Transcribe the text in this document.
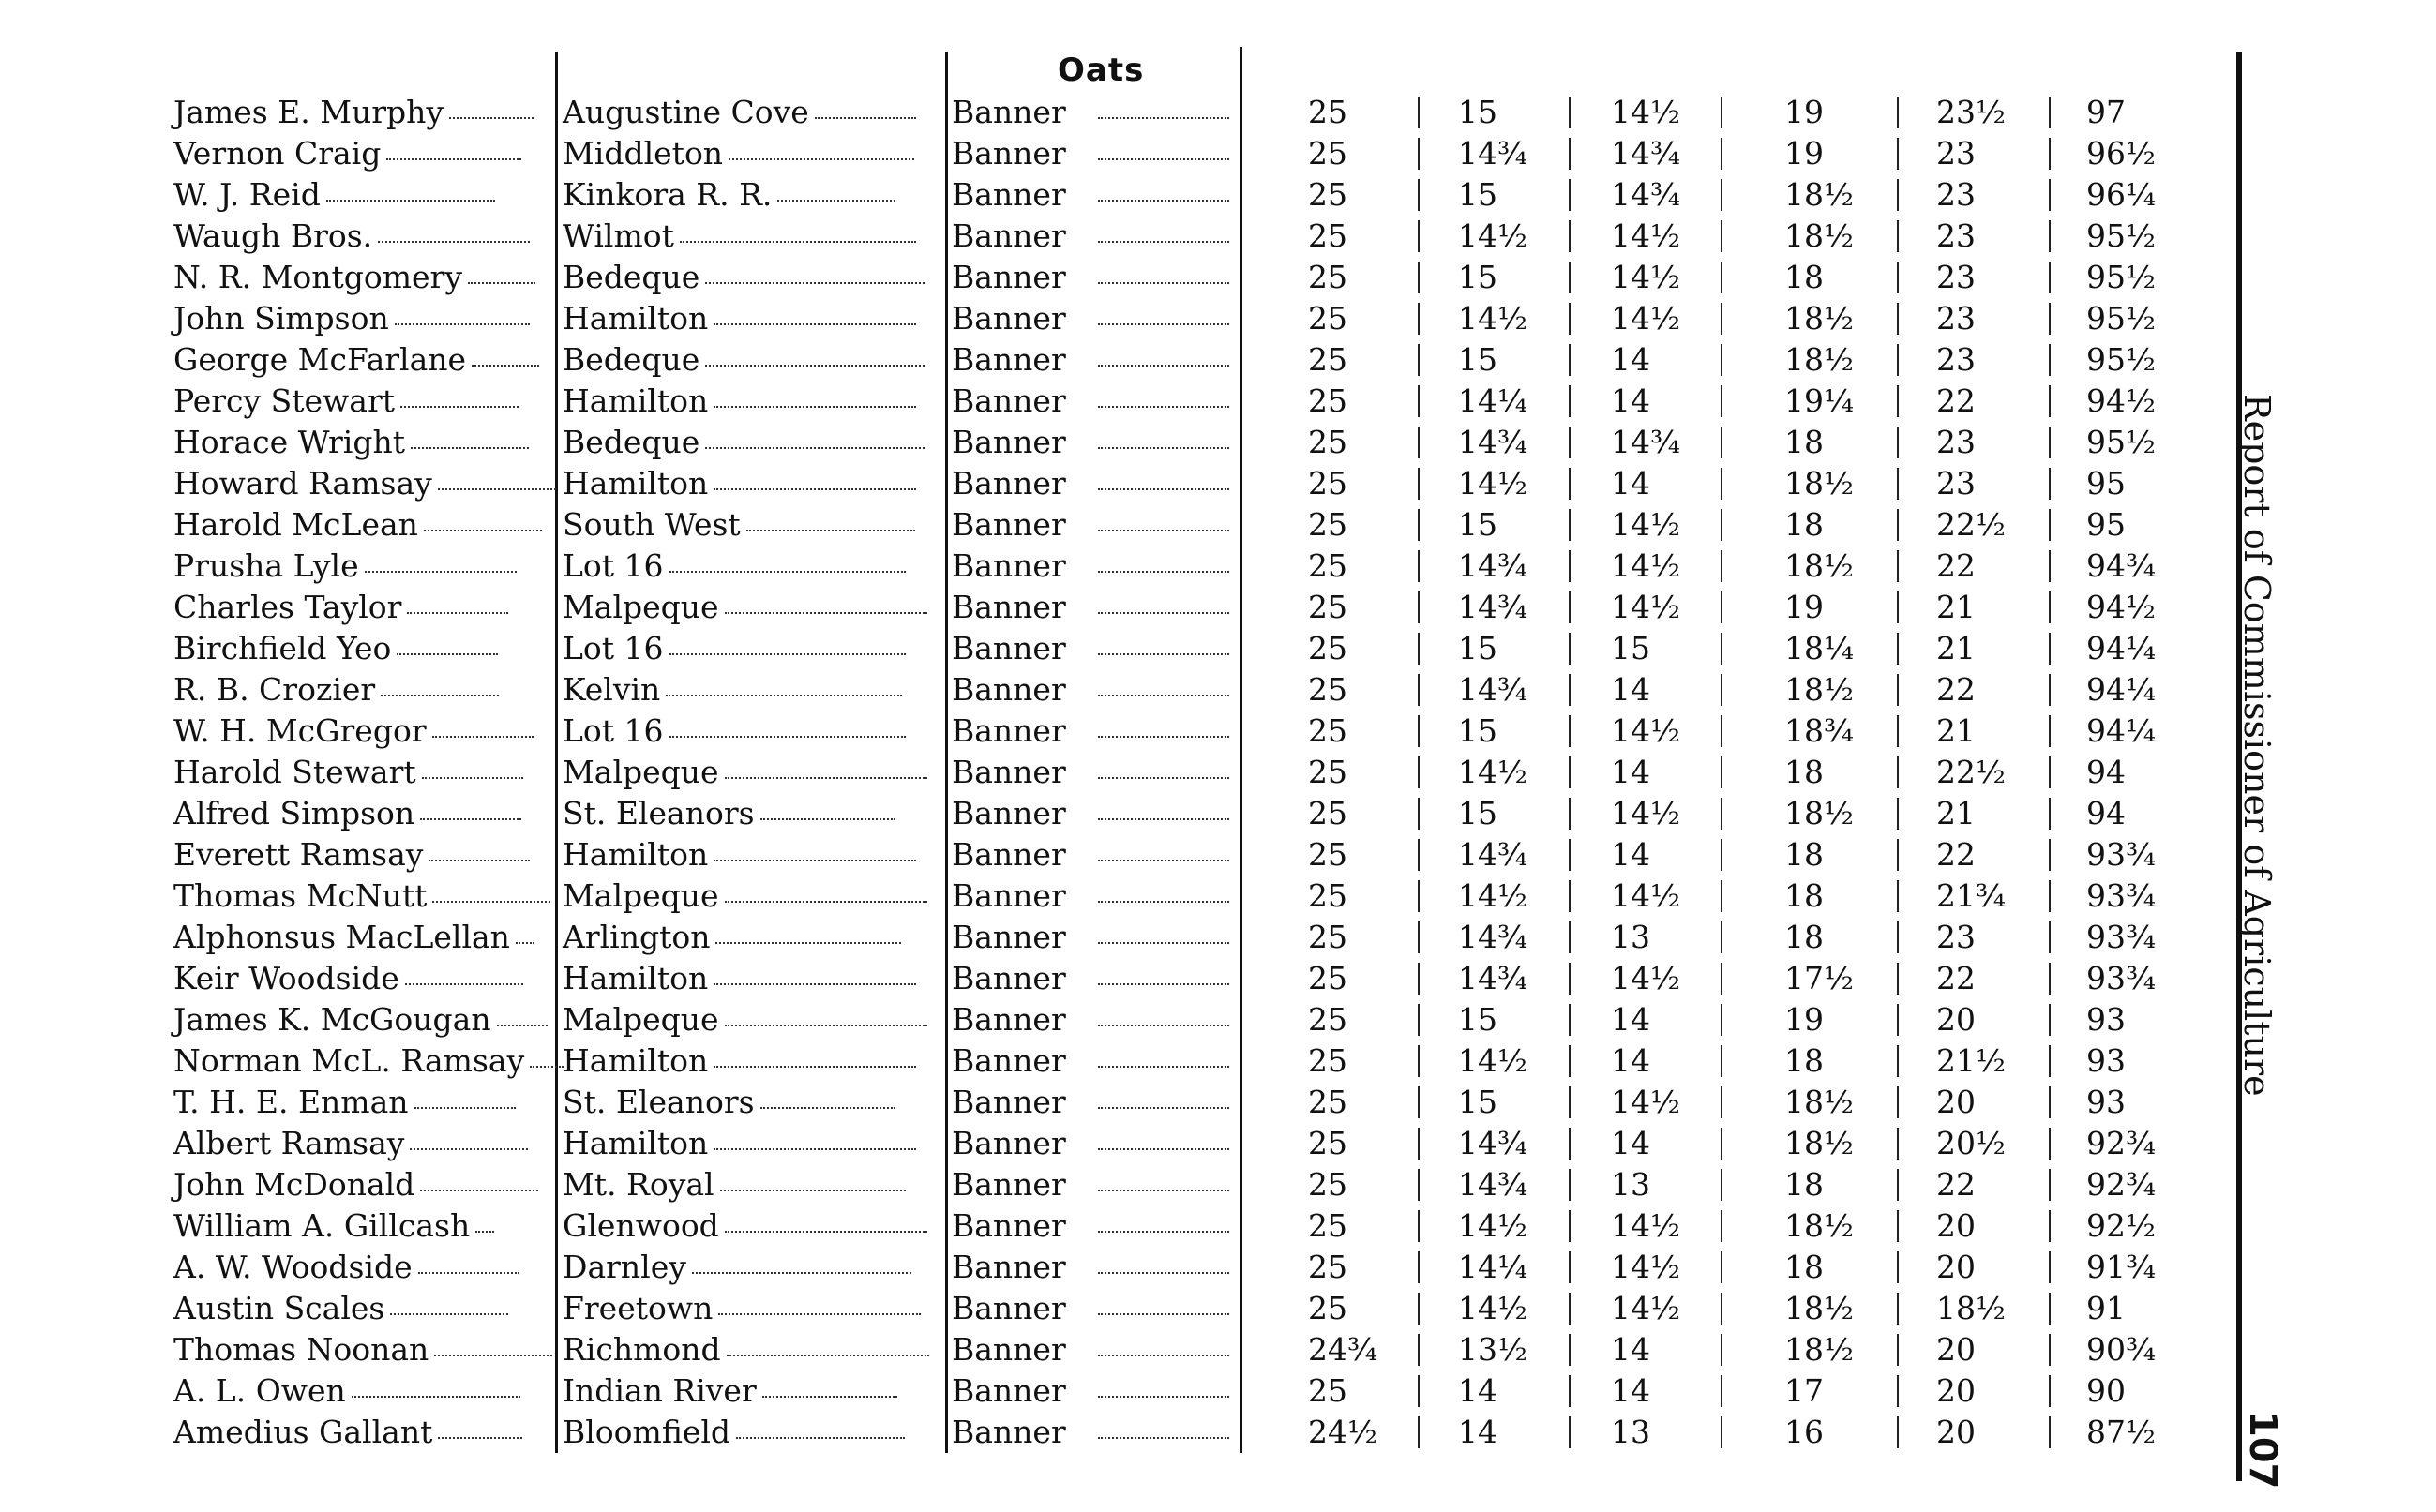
Oats
James E. Murphy	Augustine Cove	Banner	25	15	14½	19	23½	97
Vernon Craig	Middleton	Banner	25	14¾	14¾	19	23	96½
W. J. Reid	Kinkora R. R.	Banner	25	15	14¾	18½	23	96¼
Waugh Bros.	Wilmot	Banner	25	14½	14½	18½	23	95½
N. R. Montgomery	Bedeque	Banner	25	15	14½	18	23	95½
John Simpson	Hamilton	Banner	25	14½	14½	18½	23	95½
George McFarlane	Bedeque	Banner	25	15	14	18½	23	95½
Percy Stewart	Hamilton	Banner	25	14¼	14	19¼	22	94½
Horace Wright	Bedeque	Banner	25	14¾	14¾	18	23	95½
Howard Ramsay	Hamilton	Banner	25	14½	14	18½	23	95
Harold McLean	South West	Banner	25	15	14½	18	22½	95
Prusha Lyle	Lot 16	Banner	25	14¾	14½	18½	22	94¾
Charles Taylor	Malpeque	Banner	25	14¾	14½	19	21	94½
Birchfield Yeo	Lot 16	Banner	25	15	15	18¼	21	94¼
R. B. Crozier	Kelvin	Banner	25	14¾	14	18½	22	94¼
W. H. McGregor	Lot 16	Banner	25	15	14½	18¾	21	94¼
Harold Stewart	Malpeque	Banner	25	14½	14	18	22½	94
Alfred Simpson	St. Eleanors	Banner	25	15	14½	18½	21	94
Everett Ramsay	Hamilton	Banner	25	14¾	14	18	22	93¾
Thomas McNutt	Malpeque	Banner	25	14½	14½	18	21¾	93¾
Alphonsus MacLellan	Arlington	Banner	25	14¾	13	18	23	93¾
Keir Woodside	Hamilton	Banner	25	14¾	14½	17½	22	93¾
James K. McGougan	Malpeque	Banner	25	15	14	19	20	93
Norman McL. Ramsay	Hamilton	Banner	25	14½	14	18	21½	93
T. H. E. Enman	St. Eleanors	Banner	25	15	14½	18½	20	93
Albert Ramsay	Hamilton	Banner	25	14¾	14	18½	20½	92¾
John McDonald	Mt. Royal	Banner	25	14¾	13	18	22	92¾
William A. Gillcash	Glenwood	Banner	25	14½	14½	18½	20	92½
A. W. Woodside	Darnley	Banner	25	14¼	14½	18	20	91¾
Austin Scales	Freetown	Banner	25	14½	14½	18½	18½	91
Thomas Noonan	Richmond	Banner	24¾	13½	14	18½	20	90¾
A. L. Owen	Indian River	Banner	25	14	14	17	20	90
Amedius Gallant	Bloomfield	Banner	24½	14	13	16	20	87½
Report of Commissioner of Agriculture
107
